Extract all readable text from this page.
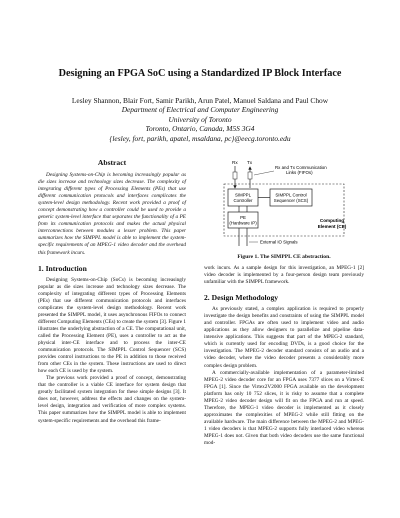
Designing an FPGA SoC using a Standardized IP Block Interface
Lesley Shannon, Blair Fort, Samir Parikh, Arun Patel, Manuel Saldana and Paul Chow
Department of Electrical and Computer Engineering
University of Toronto
Toronto, Ontario, Canada, M5S 3G4
{lesley, fort, parikh, apatel, msaldana, pc}@eecg.toronto.edu
Abstract

Designing Systems-on-Chip is becoming increasingly popular as die sizes increase and technology sizes decrease. The complexity of integrating different types of Processing Elements (PEs) that use different communication protocols and interfaces complicates the system-level design methodology. Recent work provided a proof of concept demonstrating how a controller could be used to provide a generic system-level interface that separates the functionality of a PE from its communication protocols and makes the actual physical interconnections between modules a lesser problem. This paper summarizes how the SIMPPL model is able to implement the system-specific requirements of an MPEG-1 video decoder and the overhead this framework incurs.

1. Introduction

Designing Systems-on-Chip (SoCs) is becoming increasingly popular as die sizes increase and technology sizes decrease. The complexity of integrating different types of Processing Elements (PEs) that use different communication protocols and interfaces complicates the system-level design methodology. Recent work presented the SIMPPL model, it uses asynchronous FIFOs to connect different Computing Elements (CEs) to create the system [3]. Figure 1 illustrates the underlying abstraction of a CE. The computational unit, called the Processing Element (PE), uses a controller to act as the physical inter-CE interface and to process the inter-CE communication protocols. The SIMPPL Control Sequencer (SCS) provides control instructions to the PE in addition to those received from other CEs in the system. These instructions are used to direct how each CE is used by the system.

The previous work provided a proof of concept, demonstrating that the controller is a viable CE interface for system design that greatly facilitated system integration for these simple designs [3]. It does not, however, address the effects and changes on the system-level design, integration and verification of more complex systems. This paper summarizes how the SIMPPL model is able to implement system-specific requirements and the overhead this frame-

Rx Tx
Rx and Tx Communication
Links (FIFOs)
SIMPPL
Controller
SIMPPL Control
Sequencer (SCS)
PE
(Hardware IP)	Computing
Element (CE)
External IO Signals
Figure 1. The SIMPPL CE abstraction.

work incurs. As a sample design for this investigation, an MPEG-1 [2] video decoder is implemented by a four-person design team previously unfamiliar with the SIMPPL framework.

2. Design Methodology

As previously stated, a complex application is required to properly investigate the design benefits and constraints of using the SIMPPL model and controller. FPGAs are often used to implement video and audio applications as they allow designers to parallelize and pipeline data-intensive applications. This suggests that part of the MPEG-2 standard, which is currently used for encoding DVDs, is a good choice for the investigation. The MPEG-2 decoder standard consists of an audio and a video decoder, where the video decoder presents a considerably more complex design problem.

A commercially-available implementation of a parameter-limited MPEG-2 video decoder core for an FPGA uses 7377 slices on a Virtex-E FPGA [1]. Since the Virtex2V2000 FPGA available on the development platform has only 10 752 slices, it is risky to assume that a complete MPEG-2 video decoder design will fit on the FPGA and run at speed. Therefore, the MPEG-1 video decoder is implemented as it closely approximates the complexities of MPEG-2 while still fitting on the available hardware. The main difference between the MPEG-2 and MPEG-1 video decoders is that MPEG-2 supports fully interlaced video whereas MPEG-1 does not. Given that both video decoders use the same functional mod-
